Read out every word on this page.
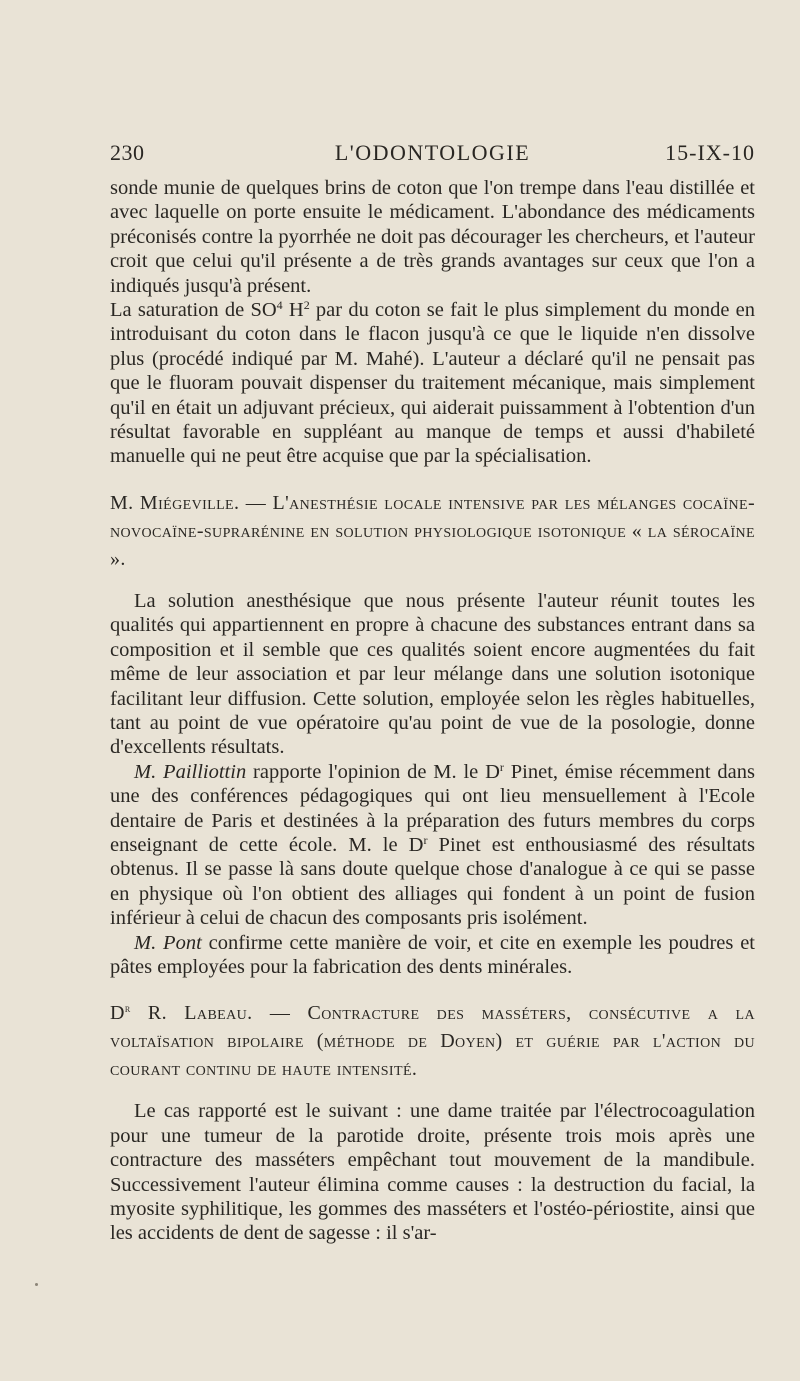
230	L'ODONTOLOGIE	15-IX-10

sonde munie de quelques brins de coton que l'on trempe dans l'eau distillée et avec laquelle on porte ensuite le médicament. L'abondance des médicaments préconisés contre la pyorrhée ne doit pas décourager les chercheurs, et l'auteur croit que celui qu'il présente a de très grands avantages sur ceux que l'on a indiqués jusqu'à présent.

La saturation de $SO^4$ $H^2$ par du coton se fait le plus simplement du monde en introduisant du coton dans le flacon jusqu'à ce que le liquide n'en dissolve plus (procédé indiqué par M. Mahé). L'auteur a déclaré qu'il ne pensait pas que le fluoram pouvait dispenser du traitement mécanique, mais simplement qu'il en était un adjuvant précieux, qui aiderait puissamment à l'obtention d'un résultat favorable en suppléant au manque de temps et aussi d'habileté manuelle qui ne peut être acquise que par la spécialisation.

M. Miégeville. — L'anesthésie locale intensive par les mélanges cocaïne-novocaïne-suprarénine en solution physiologique isotonique « la sérocaïne ».

La solution anesthésique que nous présente l'auteur réunit toutes les qualités qui appartiennent en propre à chacune des substances entrant dans sa composition et il semble que ces qualités soient encore augmentées du fait même de leur association et par leur mélange dans une solution isotonique facilitant leur diffusion. Cette solution, employée selon les règles habituelles, tant au point de vue opératoire qu'au point de vue de la posologie, donne d'excellents résultats.

M. Pailliottin rapporte l'opinion de M. le $D^r$ Pinet, émise récemment dans une des conférences pédagogiques qui ont lieu mensuellement à l'Ecole dentaire de Paris et destinées à la préparation des futurs membres du corps enseignant de cette école. M. le $D^r$ Pinet est enthousiasmé des résultats obtenus. Il se passe là sans doute quelque chose d'analogue à ce qui se passe en physique où l'on obtient des alliages qui fondent à un point de fusion inférieur à celui de chacun des composants pris isolément.

M. Pont confirme cette manière de voir, et cite en exemple les poudres et pâtes employées pour la fabrication des dents minérales.

$D^r$ R. Labeau. — Contracture des masséters, consécutive a la voltaïsation bipolaire (méthode de Doyen) et guérie par l'action du courant continu de haute intensité.

Le cas rapporté est le suivant : une dame traitée par l'électrocoagulation pour une tumeur de la parotide droite, présente trois mois après une contracture des masséters empêchant tout mouvement de la mandibule. Successivement l'auteur élimina comme causes : la destruction du facial, la myosite syphilitique, les gommes des masséters et l'ostéo-périostite, ainsi que les accidents de dent de sagesse : il s'ar-
